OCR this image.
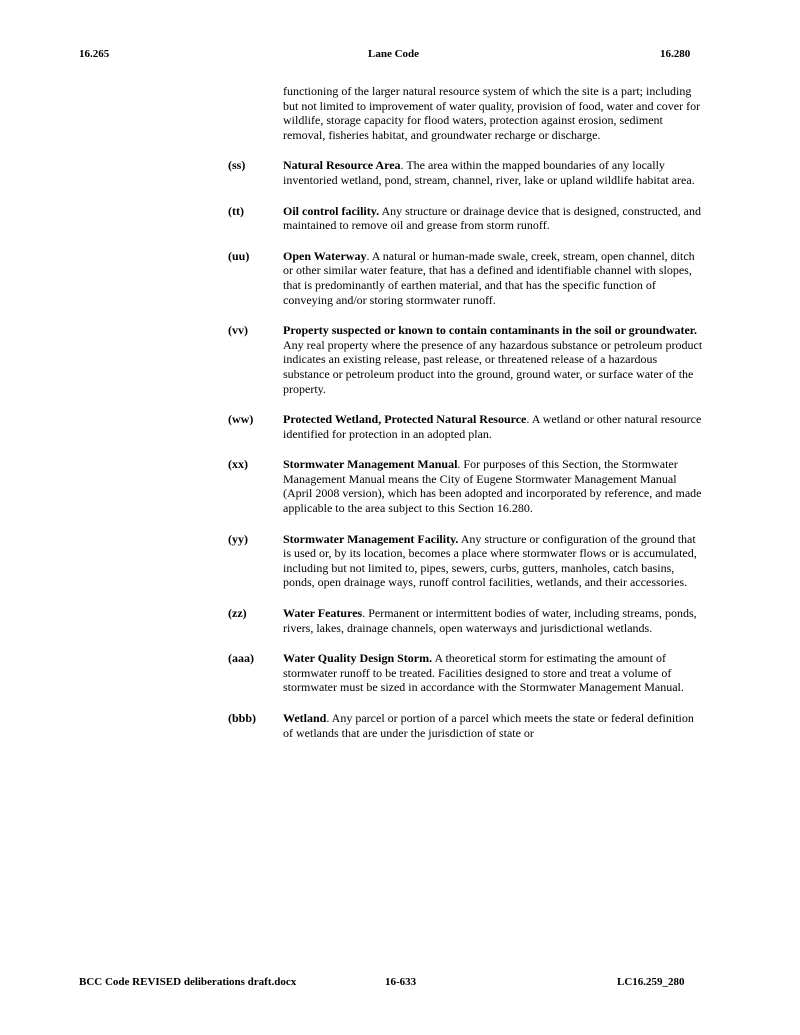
16.265	Lane Code	16.280

functioning of the larger natural resource system of which the site is a part; including but not limited to improvement of water quality, provision of food, water and cover for wildlife, storage capacity for flood waters, protection against erosion, sediment removal, fisheries habitat, and groundwater recharge or discharge.

(ss)	Natural Resource Area. The area within the mapped boundaries of any locally inventoried wetland, pond, stream, channel, river, lake or upland wildlife habitat area.
(tt)	Oil control facility. Any structure or drainage device that is designed, constructed, and maintained to remove oil and grease from storm runoff.
(uu)	Open Waterway. A natural or human-made swale, creek, stream, open channel, ditch or other similar water feature, that has a defined and identifiable channel with slopes, that is predominantly of earthen material, and that has the specific function of conveying and/or storing stormwater runoff.
(vv)	Property suspected or known to contain contaminants in the soil or groundwater. Any real property where the presence of any hazardous substance or petroleum product indicates an existing release, past release, or threatened release of a hazardous substance or petroleum product into the ground, ground water, or surface water of the property.
(ww)	Protected Wetland, Protected Natural Resource. A wetland or other natural resource identified for protection in an adopted plan.
(xx)	Stormwater Management Manual. For purposes of this Section, the Stormwater Management Manual means the City of Eugene Stormwater Management Manual (April 2008 version), which has been adopted and incorporated by reference, and made applicable to the area subject to this Section 16.280.
(yy)	Stormwater Management Facility. Any structure or configuration of the ground that is used or, by its location, becomes a place where stormwater flows or is accumulated, including but not limited to, pipes, sewers, curbs, gutters, manholes, catch basins, ponds, open drainage ways, runoff control facilities, wetlands, and their accessories.
(zz)	Water Features. Permanent or intermittent bodies of water, including streams, ponds, rivers, lakes, drainage channels, open waterways and jurisdictional wetlands.
(aaa)	Water Quality Design Storm. A theoretical storm for estimating the amount of stormwater runoff to be treated. Facilities designed to store and treat a volume of stormwater must be sized in accordance with the Stormwater Management Manual.
(bbb)	Wetland. Any parcel or portion of a parcel which meets the state or federal definition of wetlands that are under the jurisdiction of state or
BCC Code REVISED deliberations draft.docx	16-633	LC16.259_280
